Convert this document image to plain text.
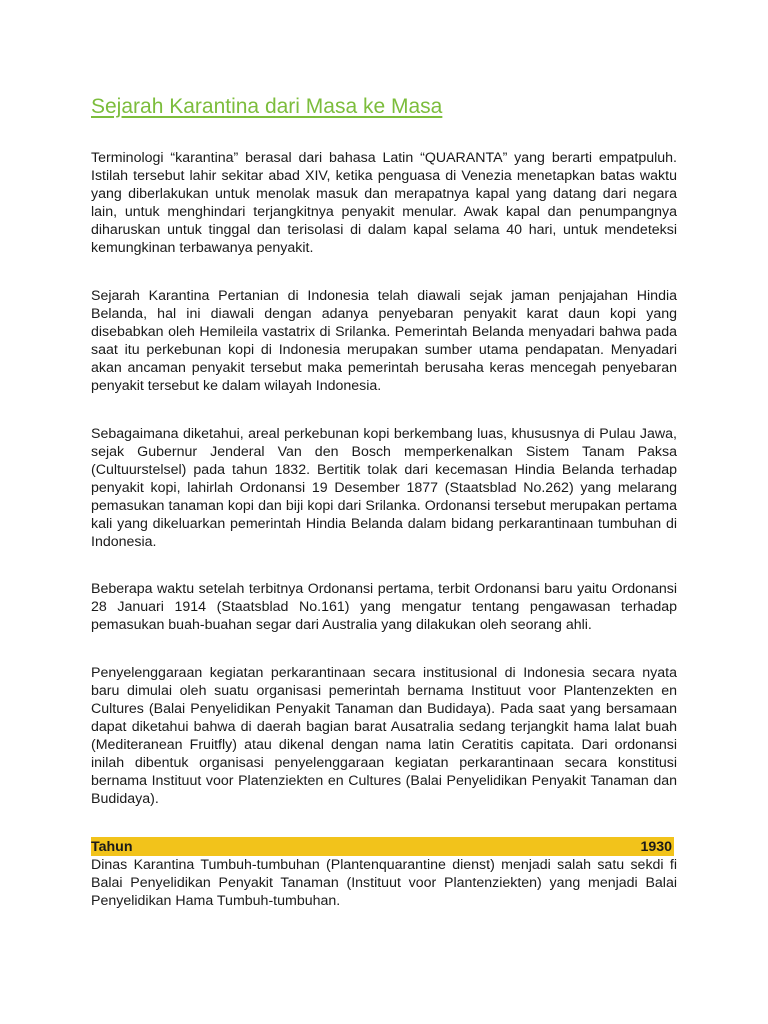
Sejarah Karantina dari Masa ke Masa

Terminologi “karantina” berasal dari bahasa Latin “QUARANTA” yang berarti empatpuluh. Istilah tersebut lahir sekitar abad XIV, ketika penguasa di Venezia menetapkan batas waktu yang diberlakukan untuk menolak masuk dan merapatnya kapal yang datang dari negara lain, untuk menghindari terjangkitnya penyakit menular. Awak kapal dan penumpangnya diharuskan untuk tinggal dan terisolasi di dalam kapal selama 40 hari, untuk mendeteksi kemungkinan terbawanya penyakit.

Sejarah Karantina Pertanian di Indonesia telah diawali sejak jaman penjajahan Hindia Belanda, hal ini diawali dengan adanya penyebaran penyakit karat daun kopi yang disebabkan oleh Hemileila vastatrix di Srilanka. Pemerintah Belanda menyadari bahwa pada saat itu perkebunan kopi di Indonesia merupakan sumber utama pendapatan. Menyadari akan ancaman penyakit tersebut maka pemerintah berusaha keras mencegah penyebaran penyakit tersebut ke dalam wilayah Indonesia.

Sebagaimana diketahui, areal perkebunan kopi berkembang luas, khususnya di Pulau Jawa, sejak Gubernur Jenderal Van den Bosch memperkenalkan Sistem Tanam Paksa (Cultuurstelsel) pada tahun 1832. Bertitik tolak dari kecemasan Hindia Belanda terhadap penyakit kopi, lahirlah Ordonansi 19 Desember 1877 (Staatsblad No.262) yang melarang pemasukan tanaman kopi dan biji kopi dari Srilanka. Ordonansi tersebut merupakan pertama kali yang dikeluarkan pemerintah Hindia Belanda dalam bidang perkarantinaan tumbuhan di Indonesia.

Beberapa waktu setelah terbitnya Ordonansi pertama, terbit Ordonansi baru yaitu Ordonansi 28 Januari 1914 (Staatsblad No.161) yang mengatur tentang pengawasan terhadap pemasukan buah-buahan segar dari Australia yang dilakukan oleh seorang ahli.

Penyelenggaraan kegiatan perkarantinaan secara institusional di Indonesia secara nyata baru dimulai oleh suatu organisasi pemerintah bernama Instituut voor Plantenzekten en Cultures (Balai Penyelidikan Penyakit Tanaman dan Budidaya). Pada saat yang bersamaan dapat diketahui bahwa di daerah bagian barat Ausatralia sedang terjangkit hama lalat buah (Mediteranean Fruitfly) atau dikenal dengan nama latin Ceratitis capitata. Dari ordonansi inilah dibentuk organisasi penyelenggaraan kegiatan perkarantinaan secara konstitusi bernama Instituut voor Platenziekten en Cultures (Balai Penyelidikan Penyakit Tanaman dan Budidaya).

Tahun	1930

Dinas Karantina Tumbuh-tumbuhan (Plantenquarantine dienst) menjadi salah satu sekdi fi Balai Penyelidikan Penyakit Tanaman (Instituut voor Plantenziekten) yang menjadi Balai Penyelidikan Hama Tumbuh-tumbuhan.
